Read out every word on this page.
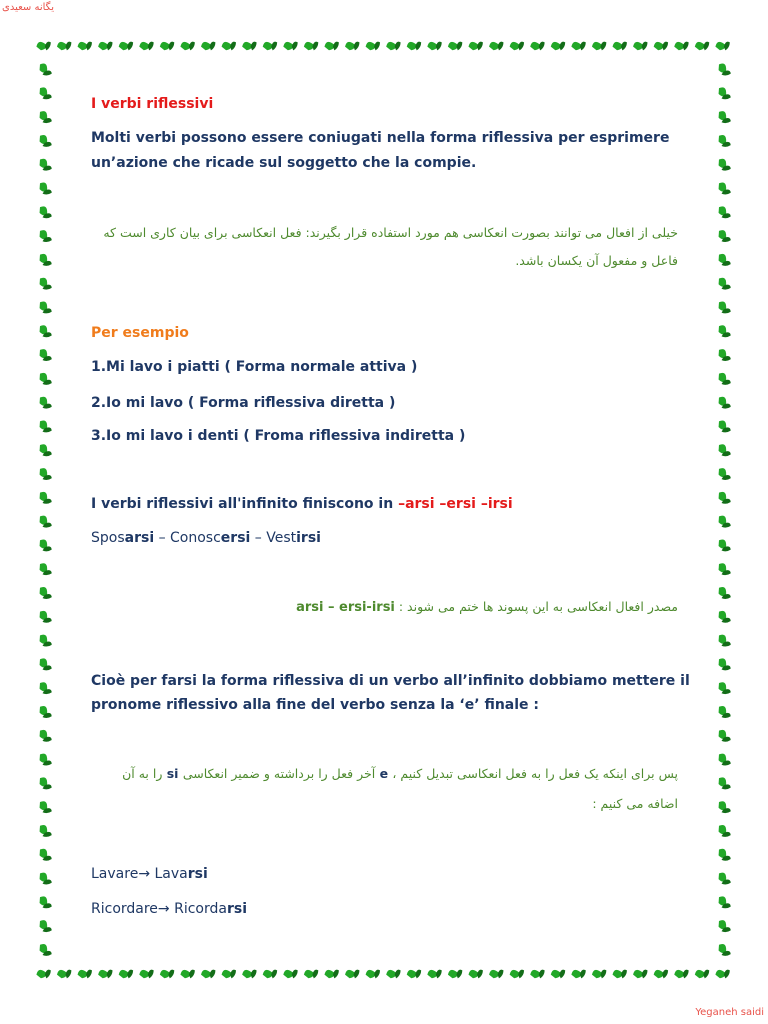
یگانه سعیدی
Yeganeh saidi
I verbi riflessivi
Molti verbi possono essere coniugati nella forma riflessiva per esprimere
un’azione che ricade sul soggetto che la compie.
خیلی از افعال می توانند بصورت انعکاسی هم مورد استفاده قرار بگیرند: فعل انعکاسی برای بیان کاری است که
فاعل و مفعول آن یکسان باشد.
Per esempio
1.Mi lavo i piatti ( Forma normale attiva )
2.Io mi lavo ( Forma riflessiva diretta )
3.Io mi lavo i denti ( Froma riflessiva indiretta )
I verbi riflessivi all'infinito finiscono in –arsi –ersi –irsi
Sposarsi – Conoscersi – Vestirsi
مصدر افعال انعکاسی به این پسوند ها ختم می شوند : arsi – ersi-irsi
Cioè per farsi la forma riflessiva di un verbo all’infinito dobbiamo mettere il
pronome riflessivo alla fine del verbo senza la ‘e’ finale :
پس برای اینکه یک فعل را به فعل انعکاسی تبدیل کنیم ، e آخر فعل را برداشته و ضمیر انعکاسی si را به آن
اضافه می کنیم :
Lavare→ Lavarsi
Ricordare→ Ricordarsi
